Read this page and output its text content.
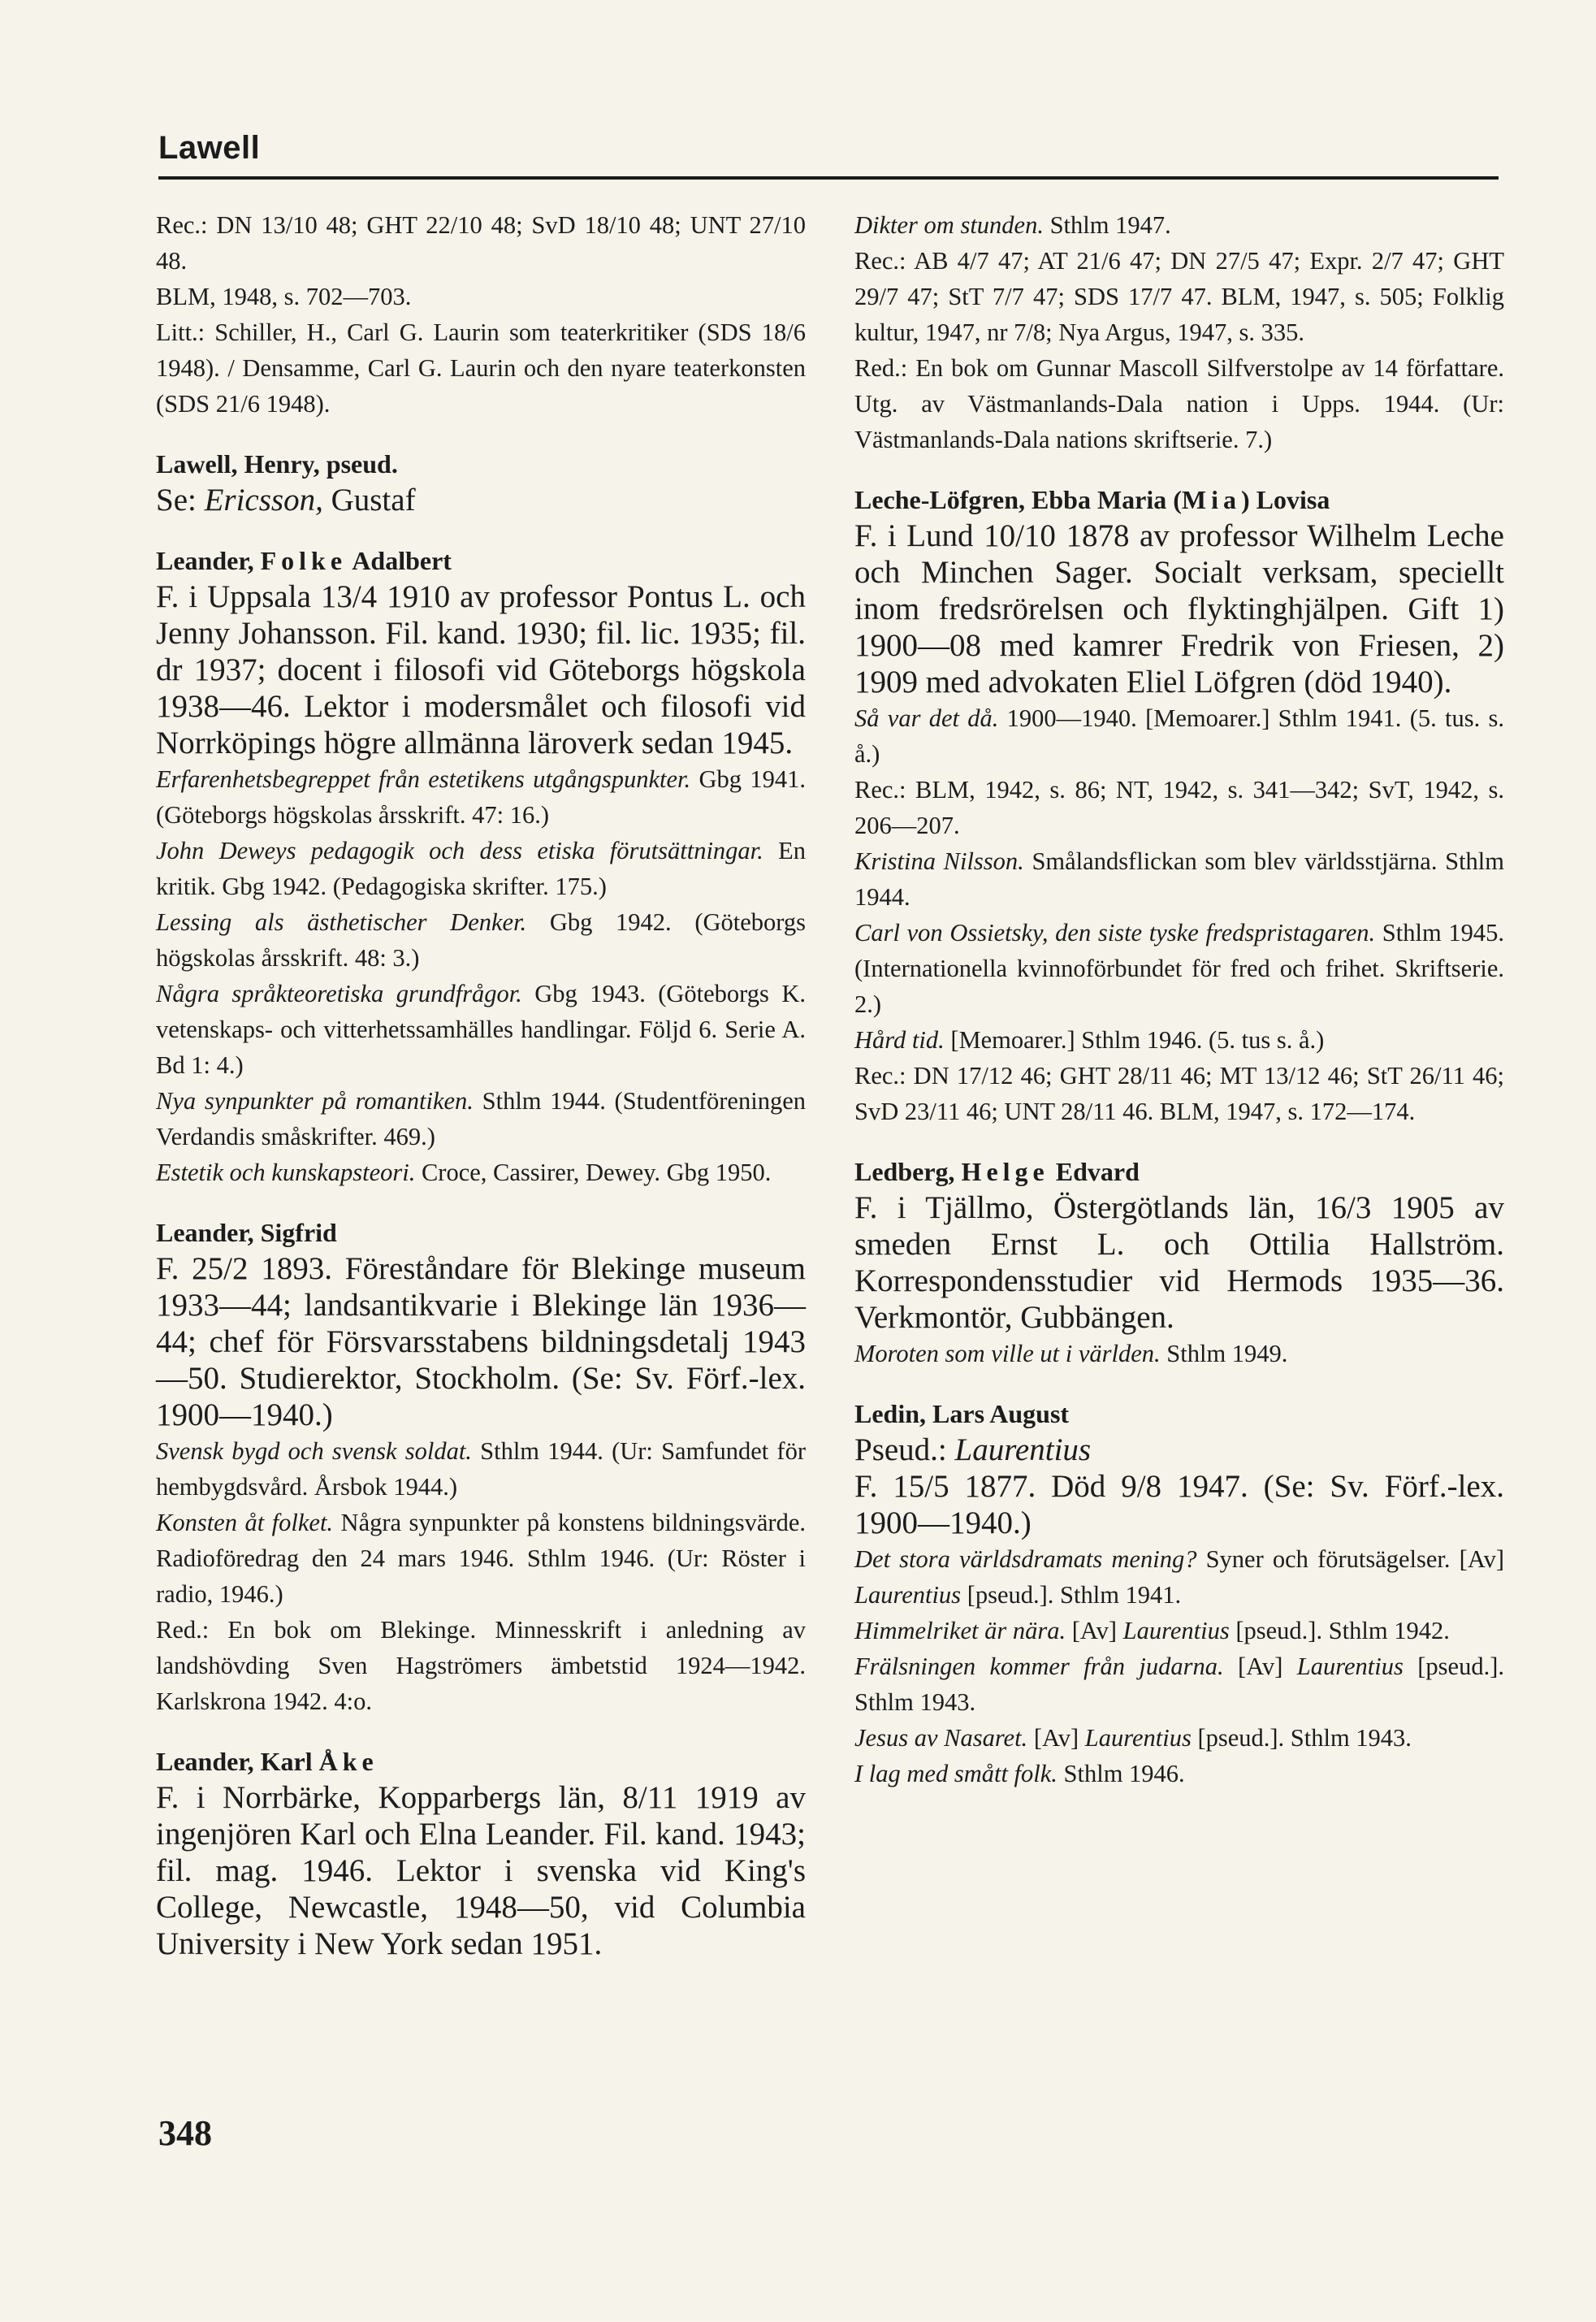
Lawell

Rec.: DN 13/10 48; GHT 22/10 48; SvD 18/10 48; UNT 27/10 48.

BLM, 1948, s. 702—703.

Litt.: Schiller, H., Carl G. Laurin som teaterkritiker (SDS 18/6 1948). / Densamme, Carl G. Laurin och den nyare teaterkonsten (SDS 21/6 1948).

Lawell, Henry, pseud.

Se: Ericsson, Gustaf

Leander, Folke Adalbert

F. i Uppsala 13/4 1910 av professor Pontus L. och Jenny Johansson. Fil. kand. 1930; fil. lic. 1935; fil. dr 1937; docent i filosofi vid Göteborgs högskola 1938—46. Lektor i modersmålet och filosofi vid Norrköpings högre allmänna läroverk sedan 1945.

Erfarenhetsbegreppet från estetikens utgångspunkter. Gbg 1941. (Göteborgs högskolas årsskrift. 47: 16.)

John Deweys pedagogik och dess etiska förutsättningar. En kritik. Gbg 1942. (Pedagogiska skrifter. 175.)

Lessing als ästhetischer Denker. Gbg 1942. (Göteborgs högskolas årsskrift. 48: 3.)

Några språkteoretiska grundfrågor. Gbg 1943. (Göteborgs K. vetenskaps- och vitterhetssamhälles handlingar. Följd 6. Serie A. Bd 1: 4.)

Nya synpunkter på romantiken. Sthlm 1944. (Studentföreningen Verdandis småskrifter. 469.)

Estetik och kunskapsteori. Croce, Cassirer, Dewey. Gbg 1950.

Leander, Sigfrid

F. 25/2 1893. Föreståndare för Blekinge museum 1933—44; landsantikvarie i Blekinge län 1936—44; chef för Försvarsstabens bildningsdetalj 1943—50. Studierektor, Stockholm. (Se: Sv. Förf.-lex. 1900—1940.)

Svensk bygd och svensk soldat. Sthlm 1944. (Ur: Samfundet för hembygdsvård. Årsbok 1944.)

Konsten åt folket. Några synpunkter på konstens bildningsvärde. Radioföredrag den 24 mars 1946. Sthlm 1946. (Ur: Röster i radio, 1946.)

Red.: En bok om Blekinge. Minnesskrift i anledning av landshövding Sven Hagströmers ämbetstid 1924—1942. Karlskrona 1942. 4:o.

Leander, Karl Åke

F. i Norrbärke, Kopparbergs län, 8/11 1919 av ingenjören Karl och Elna Leander. Fil. kand. 1943; fil. mag. 1946. Lektor i svenska vid King's College, Newcastle, 1948—50, vid Columbia University i New York sedan 1951.

Dikter om stunden. Sthlm 1947.

Rec.: AB 4/7 47; AT 21/6 47; DN 27/5 47; Expr. 2/7 47; GHT 29/7 47; StT 7/7 47; SDS 17/7 47. BLM, 1947, s. 505; Folklig kultur, 1947, nr 7/8; Nya Argus, 1947, s. 335.

Red.: En bok om Gunnar Mascoll Silfverstolpe av 14 författare. Utg. av Västmanlands-Dala nation i Upps. 1944. (Ur: Västmanlands-Dala nations skriftserie. 7.)

Leche-Löfgren, Ebba Maria (Mia) Lovisa

F. i Lund 10/10 1878 av professor Wilhelm Leche och Minchen Sager. Socialt verksam, speciellt inom fredsrörelsen och flyktinghjälpen. Gift 1) 1900—08 med kamrer Fredrik von Friesen, 2) 1909 med advokaten Eliel Löfgren (död 1940).

Så var det då. 1900—1940. [Memoarer.] Sthlm 1941. (5. tus. s. å.)

Rec.: BLM, 1942, s. 86; NT, 1942, s. 341—342; SvT, 1942, s. 206—207.

Kristina Nilsson. Smålandsflickan som blev världsstjärna. Sthlm 1944.

Carl von Ossietsky, den siste tyske fredspristagaren. Sthlm 1945. (Internationella kvinnoförbundet för fred och frihet. Skriftserie. 2.)

Hård tid. [Memoarer.] Sthlm 1946. (5. tus s. å.)

Rec.: DN 17/12 46; GHT 28/11 46; MT 13/12 46; StT 26/11 46; SvD 23/11 46; UNT 28/11 46. BLM, 1947, s. 172—174.

Ledberg, Helge Edvard

F. i Tjällmo, Östergötlands län, 16/3 1905 av smeden Ernst L. och Ottilia Hallström. Korrespondensstudier vid Hermods 1935—36. Verkmontör, Gubbängen.

Moroten som ville ut i världen. Sthlm 1949.

Ledin, Lars August

Pseud.: Laurentius

F. 15/5 1877. Död 9/8 1947. (Se: Sv. Förf.-lex. 1900—1940.)

Det stora världsdramats mening? Syner och förutsägelser. [Av] Laurentius [pseud.]. Sthlm 1941.

Himmelriket är nära. [Av] Laurentius [pseud.]. Sthlm 1942.

Frälsningen kommer från judarna. [Av] Laurentius [pseud.]. Sthlm 1943.

Jesus av Nasaret. [Av] Laurentius [pseud.]. Sthlm 1943.

I lag med smått folk. Sthlm 1946.

348
